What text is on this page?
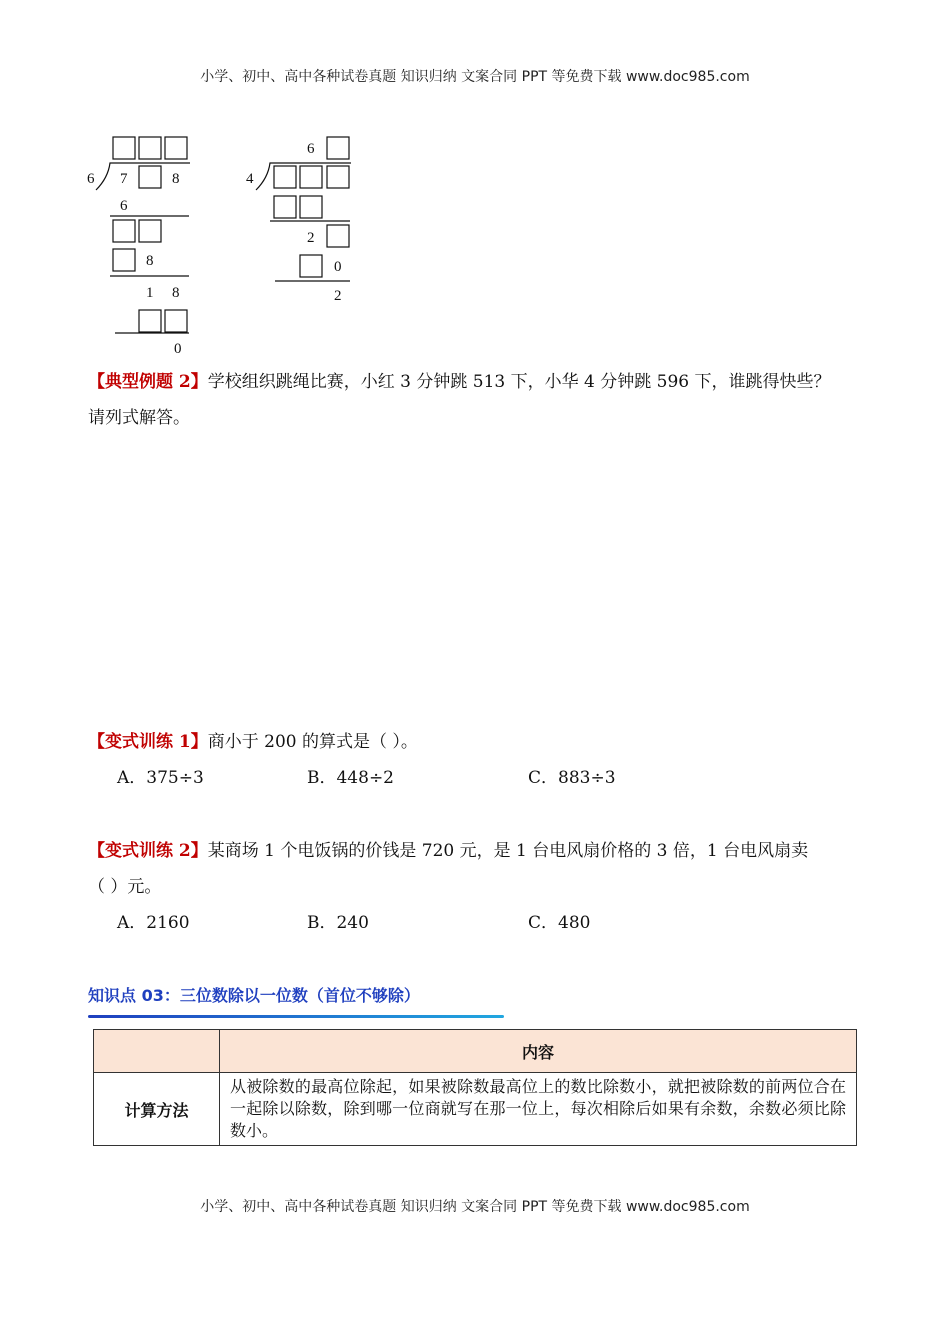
小学、初中、高中各种试卷真题 知识归纳 文案合同 PPT 等免费下载 www.doc985.com
6 7	8
6
8
1 8
0
6
4
2
0
2
【典型例题 2】学校组织跳绳比赛，小红 3 分钟跳 513 下，小华 4 分钟跳 596 下，谁跳得快些？
请列式解答。
【变式训练 1】商小于 200 的算式是（ ）。
A．375÷3	B．448÷2	C．883÷3
【变式训练 2】某商场 1 个电饭锅的价钱是 720 元，是 1 台电风扇价格的 3 倍，1 台电风扇卖
（ ）元。
A．2160	B．240	C．480
知识点 03：三位数除以一位数（首位不够除）
	内容
计算方法	从被除数的最高位除起，如果被除数最高位上的数比除数小，就把被除数的前两位合在一起除以除数，除到哪一位商就写在那一位上，每次相除后如果有余数，余数必须比除数小。
小学、初中、高中各种试卷真题 知识归纳 文案合同 PPT 等免费下载 www.doc985.com
